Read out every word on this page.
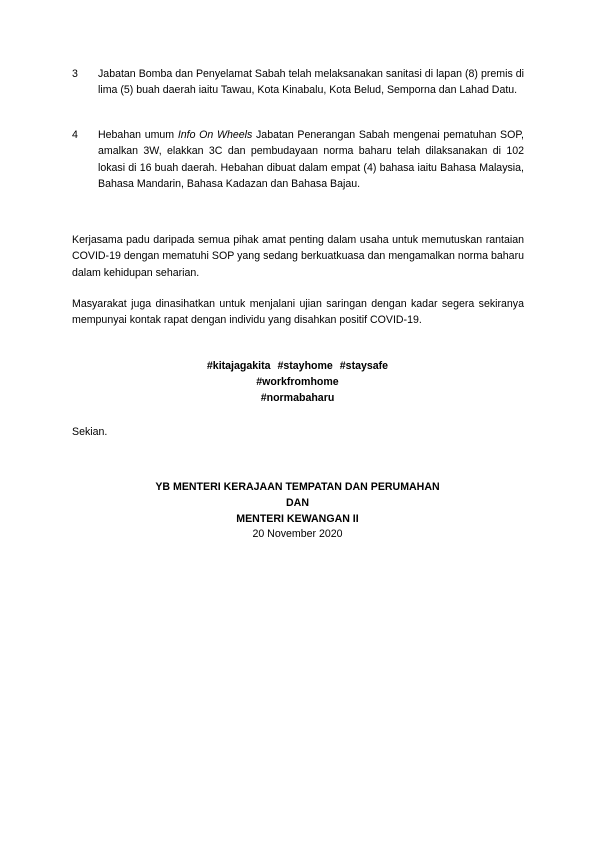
3 Jabatan Bomba dan Penyelamat Sabah telah melaksanakan sanitasi di lapan (8) premis di lima (5) buah daerah iaitu Tawau, Kota Kinabalu, Kota Belud, Semporna dan Lahad Datu.
4 Hebahan umum Info On Wheels Jabatan Penerangan Sabah mengenai pematuhan SOP, amalkan 3W, elakkan 3C dan pembudayaan norma baharu telah dilaksanakan di 102 lokasi di 16 buah daerah. Hebahan dibuat dalam empat (4) bahasa iaitu Bahasa Malaysia, Bahasa Mandarin, Bahasa Kadazan dan Bahasa Bajau.
Kerjasama padu daripada semua pihak amat penting dalam usaha untuk memutuskan rantaian COVID-19 dengan mematuhi SOP yang sedang berkuatkuasa dan mengamalkan norma baharu dalam kehidupan seharian.
Masyarakat juga dinasihatkan untuk menjalani ujian saringan dengan kadar segera sekiranya mempunyai kontak rapat dengan individu yang disahkan positif COVID-19.
#kitajagakita #stayhome #staysafe
#workfromhome
#normabaharu
Sekian.
YB MENTERI KERAJAAN TEMPATAN DAN PERUMAHAN
DAN
MENTERI KEWANGAN II
20 November 2020
